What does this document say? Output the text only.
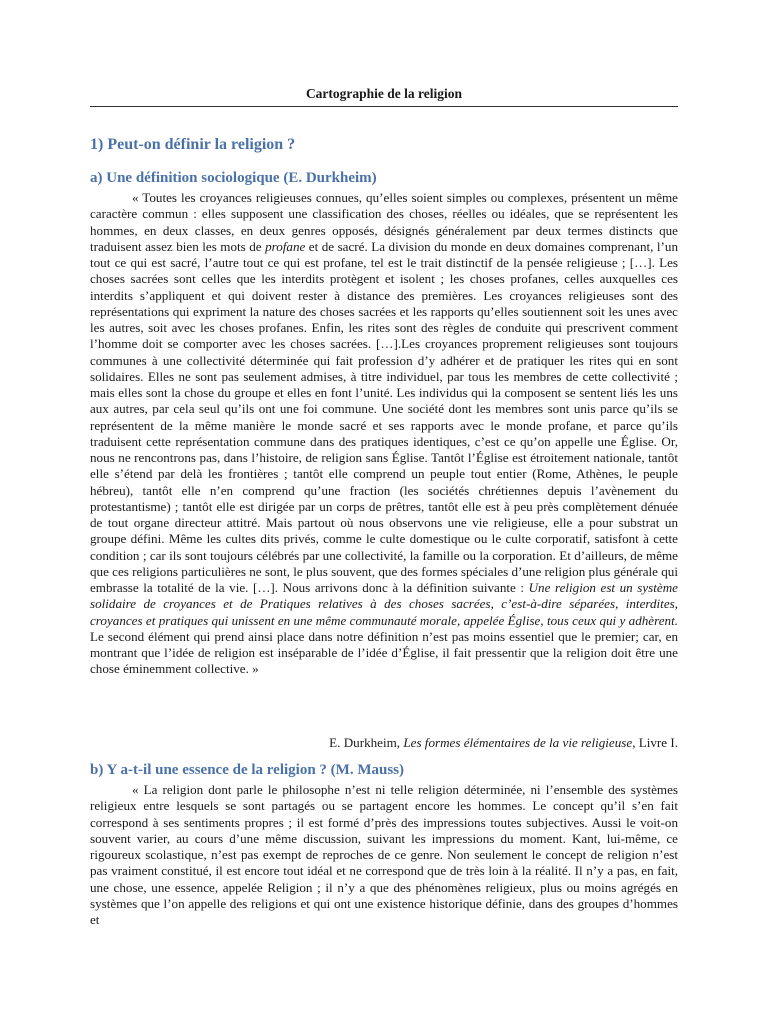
Cartographie de la religion
1) Peut-on définir la religion ?
a) Une définition sociologique (E. Durkheim)

« Toutes les croyances religieuses connues, qu’elles soient simples ou complexes, présentent un même caractère commun : elles supposent une classification des choses, réelles ou idéales, que se représentent les hommes, en deux classes, en deux genres opposés, désignés généralement par deux termes distincts que traduisent assez bien les mots de profane et de sacré. La division du monde en deux domaines comprenant, l’un tout ce qui est sacré, l’autre tout ce qui est profane, tel est le trait distinctif de la pensée religieuse ; […]. Les choses sacrées sont celles que les interdits protègent et isolent ; les choses profanes, celles auxquelles ces interdits s’appliquent et qui doivent rester à distance des premières. Les croyances religieuses sont des représentations qui expriment la nature des choses sacrées et les rapports qu’elles soutiennent soit les unes avec les autres, soit avec les choses profanes. Enfin, les rites sont des règles de conduite qui prescrivent comment l’homme doit se comporter avec les choses sacrées. […].Les croyances proprement religieuses sont toujours communes à une collectivité déterminée qui fait profession d’y adhérer et de pratiquer les rites qui en sont solidaires. Elles ne sont pas seulement admises, à titre individuel, par tous les membres de cette collectivité ; mais elles sont la chose du groupe et elles en font l’unité. Les individus qui la composent se sentent liés les uns aux autres, par cela seul qu’ils ont une foi commune. Une société dont les membres sont unis parce qu’ils se représentent de la même manière le monde sacré et ses rapports avec le monde profane, et parce qu’ils traduisent cette représentation commune dans des pratiques identiques, c’est ce qu’on appelle une Église. Or, nous ne rencontrons pas, dans l’histoire, de religion sans Église. Tantôt l’Église est étroitement nationale, tantôt elle s’étend par delà les frontières ; tantôt elle comprend un peuple tout entier (Rome, Athènes, le peuple hébreu), tantôt elle n’en comprend qu’une fraction (les sociétés chrétiennes depuis l’avènement du protestantisme) ; tantôt elle est dirigée par un corps de prêtres, tantôt elle est à peu près complètement dénuée de tout organe directeur attitré. Mais partout où nous observons une vie religieuse, elle a pour substrat un groupe défini. Même les cultes dits privés, comme le culte domestique ou le culte corporatif, satisfont à cette condition ; car ils sont toujours célébrés par une collectivité, la famille ou la corporation. Et d’ailleurs, de même que ces religions particulières ne sont, le plus souvent, que des formes spéciales d’une religion plus générale qui embrasse la totalité de la vie. […]. Nous arrivons donc à la définition suivante : Une religion est un système solidaire de croyances et de Pratiques relatives à des choses sacrées, c’est-à-dire séparées, interdites, croyances et pratiques qui unissent en une même communauté morale, appelée Église, tous ceux qui y adhèrent. Le second élément qui prend ainsi place dans notre définition n’est pas moins essentiel que le premier; car, en montrant que l’idée de religion est inséparable de l’idée d’Église, il fait pressentir que la religion doit être une chose éminemment collective. »

E. Durkheim, Les formes élémentaires de la vie religieuse, Livre I.
b) Y a-t-il une essence de la religion ? (M. Mauss)

« La religion dont parle le philosophe n’est ni telle religion déterminée, ni l’ensemble des systèmes religieux entre lesquels se sont partagés ou se partagent encore les hommes. Le concept qu’il s’en fait correspond à ses sentiments propres ; il est formé d’près des impressions toutes subjectives. Aussi le voit-on souvent varier, au cours d’une même discussion, suivant les impressions du moment. Kant, lui-même, ce rigoureux scolastique, n’est pas exempt de reproches de ce genre. Non seulement le concept de religion n’est pas vraiment constitué, il est encore tout idéal et ne correspond que de très loin à la réalité. Il n’y a pas, en fait, une chose, une essence, appelée Religion ; il n’y a que des phénomènes religieux, plus ou moins agrégés en systèmes que l’on appelle des religions et qui ont une existence historique définie, dans des groupes d’hommes et
